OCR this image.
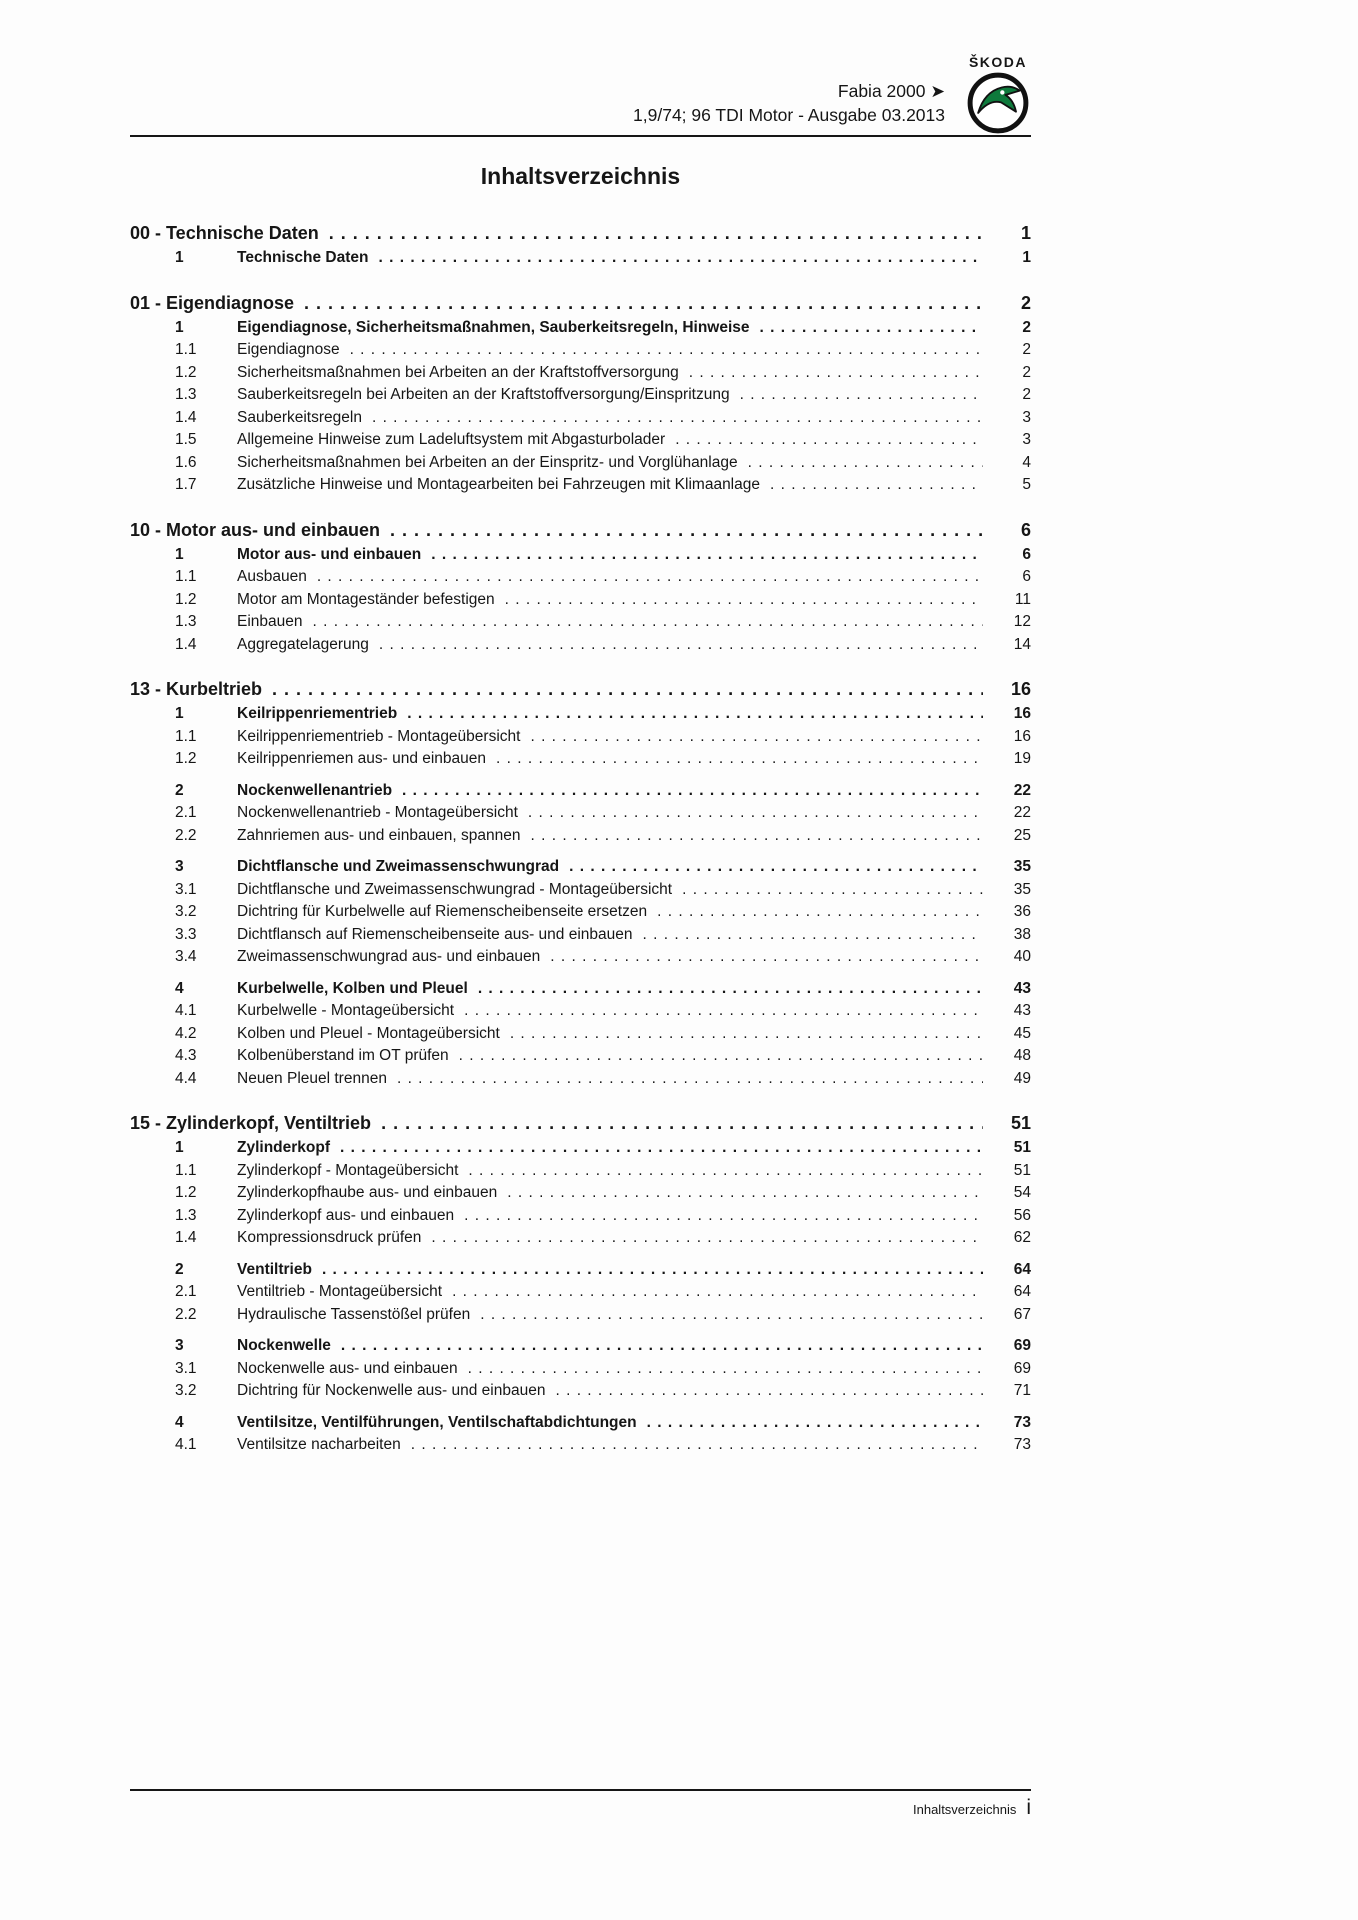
Fabia 2000 ➤
1,9/74; 96 TDI Motor - Ausgabe 03.2013
ŠKODA
Inhaltsverzeichnis
00 - Technische Daten . . .	1
1	Technische Daten . . .	1
01 - Eigendiagnose . . .	2
1	Eigendiagnose, Sicherheitsmaßnahmen, Sauberkeitsregeln, Hinweise . . .	2
1.1	Eigendiagnose . . .	2
1.2	Sicherheitsmaßnahmen bei Arbeiten an der Kraftstoffversorgung . . .	2
1.3	Sauberkeitsregeln bei Arbeiten an der Kraftstoffversorgung/Einspritzung . . .	2
1.4	Sauberkeitsregeln . . .	3
1.5	Allgemeine Hinweise zum Ladeluftsystem mit Abgasturbolader . . .	3
1.6	Sicherheitsmaßnahmen bei Arbeiten an der Einspritz- und Vorglühanlage . . .	4
1.7	Zusätzliche Hinweise und Montagearbeiten bei Fahrzeugen mit Klimaanlage . . .	5
10 - Motor aus- und einbauen . . .	6
1	Motor aus- und einbauen . . .	6
1.1	Ausbauen . . .	6
1.2	Motor am Montageständer befestigen . . .	11
1.3	Einbauen . . .	12
1.4	Aggregatelagerung . . .	14
13 - Kurbeltrieb . . .	16
1	Keilrippenriementrieb . . .	16
1.1	Keilrippenriementrieb - Montageübersicht . . .	16
1.2	Keilrippenriemen aus- und einbauen . . .	19
2	Nockenwellenantrieb . . .	22
2.1	Nockenwellenantrieb - Montageübersicht . . .	22
2.2	Zahnriemen aus- und einbauen, spannen . . .	25
3	Dichtflansche und Zweimassenschwungrad . . .	35
3.1	Dichtflansche und Zweimassenschwungrad - Montageübersicht . . .	35
3.2	Dichtring für Kurbelwelle auf Riemenscheibenseite ersetzen . . .	36
3.3	Dichtflansch auf Riemenscheibenseite aus- und einbauen . . .	38
3.4	Zweimassenschwungrad aus- und einbauen . . .	40
4	Kurbelwelle, Kolben und Pleuel . . .	43
4.1	Kurbelwelle - Montageübersicht . . .	43
4.2	Kolben und Pleuel - Montageübersicht . . .	45
4.3	Kolbenüberstand im OT prüfen . . .	48
4.4	Neuen Pleuel trennen . . .	49
15 - Zylinderkopf, Ventiltrieb . . .	51
1	Zylinderkopf . . .	51
1.1	Zylinderkopf - Montageübersicht . . .	51
1.2	Zylinderkopfhaube aus- und einbauen . . .	54
1.3	Zylinderkopf aus- und einbauen . . .	56
1.4	Kompressionsdruck prüfen . . .	62
2	Ventiltrieb . . .	64
2.1	Ventiltrieb - Montageübersicht . . .	64
2.2	Hydraulische Tassenstößel prüfen . . .	67
3	Nockenwelle . . .	69
3.1	Nockenwelle aus- und einbauen . . .	69
3.2	Dichtring für Nockenwelle aus- und einbauen . . .	71
4	Ventilsitze, Ventilführungen, Ventilschaftabdichtungen . . .	73
4.1	Ventilsitze nacharbeiten . . .	73
Inhaltsverzeichnis i
